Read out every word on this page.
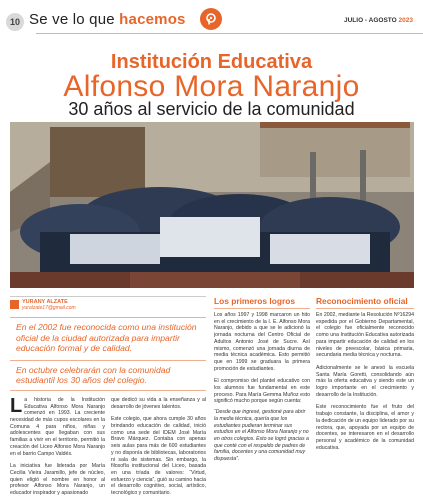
10 Se ve lo que hacemos	JULIO - AGOSTO 2023
Institución Educativa
Alfonso Mora Naranjo
30 años al servicio de la comunidad
YURANY ALZATE
yuralzate17@gmail.com
En el 2002 fue reconocida como una institución oficial de la ciudad autorizada para impartir educación formal y de calidad.
En octubre celebrarán con la comunidad estudiantil los 30 años del colegio.

La historia de la Institución Educativa Alfonso Mora Naranjo comenzó en 1993. La creciente necesidad de más cupos escolares en la Comuna 4 para niños, niñas y adolescentes que llegaban con sus familias a vivir en el territorio, permitió la creación del Liceo Alfonso Mora Naranjo en el barrio Campo Valdés.

La iniciativa fue liderada por María Cecilia Vieira Jaramillo, jefe de núcleo, quien eligió el nombre en honor al profesor Alfonso Mora Naranjo, un educador inspirador y apasionado

que dedicó su vida a la enseñanza y al desarrollo de jóvenes talentos.

Este colegio, que ahora cumple 30 años brindando educación de calidad, inició como una sede del IDEM José María Bravo Márquez. Contaba con apenas seis aulas para más de 600 estudiantes y no disponía de bibliotecas, laboratorios ni sala de sistemas. Sin embargo, la filosofía institucional del Liceo, basada en una tríada de valores: “Virtud, esfuerzo y ciencia”, guió su camino hacia el desarrollo cognitivo, social, artístico, tecnológico y comunitario.

Los primeros logros

Los años 1997 y 1998 marcaron un hito en el crecimiento de la I. E. Alfonso Mora Naranjo, debido a que se le adicionó la jornada nocturna del Centro Oficial de Adultos Antonio José de Sucre. Así mismo, comenzó una jornada diurna de media técnica académica. Esto permitió que en 1999 se graduara la primera promoción de estudiantes.

El compromiso del plantel educativo con los alumnos fue fundamental en este proceso. Para María Gemma Muñoz esto significó mucho porque según cuenta:

“Desde que ingresé, gestioné para abrir la media técnica, quería que los estudiantes pudieran terminar sus estudios en el Alfonso Mora Naranjo y no en otros colegios. Esto se logró gracias a que conté con el respaldo de padres de familia, docentes y una comunidad muy dispuesta”.

Reconocimiento oficial

En 2002, mediante la Resolución Nº16294 expedida por el Gobierno Departamental, el colegio fue oficialmente reconocido como una Institución Educativa autorizada para impartir educación de calidad en los niveles de preescolar, básica primaria, secundaria media técnica y nocturna.

Adicionalmente se le anexó la escuela Santa María Goretti, consolidando aún más la oferta educativa y siendo este un logro importante en el crecimiento y desarrollo de la Institución.

Este reconocimiento fue el fruto del trabajo constante, la disciplina, el amor y la dedicación de un equipo liderado por su rectora, que, apoyada por un equipo de docentes, se interesaron en el desarrollo personal y académico de la comunidad educativa.
